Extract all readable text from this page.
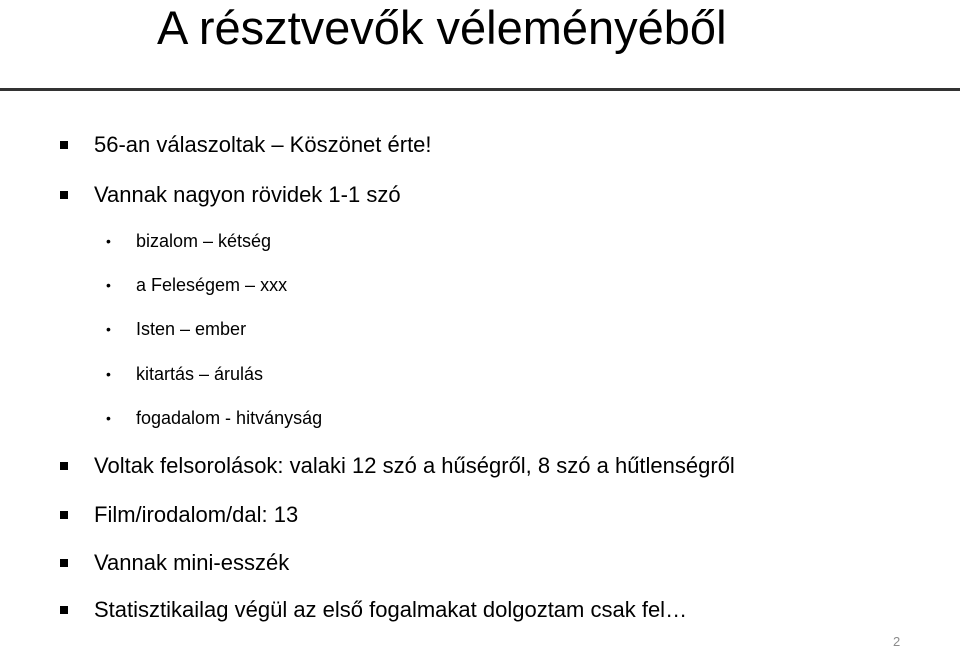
A résztvevők véleményéből
56-an válaszoltak – Köszönet érte!
Vannak nagyon rövidek 1-1 szó
• bizalom – kétség
• a Feleségem – xxx
• Isten – ember
• kitartás – árulás
• fogadalom - hitványság
Voltak felsorolások: valaki 12 szó a hűségről, 8 szó a hűtlenségről
Film/irodalom/dal: 13
Vannak mini-esszék
Statisztikailag végül az első fogalmakat dolgoztam csak fel…
2
